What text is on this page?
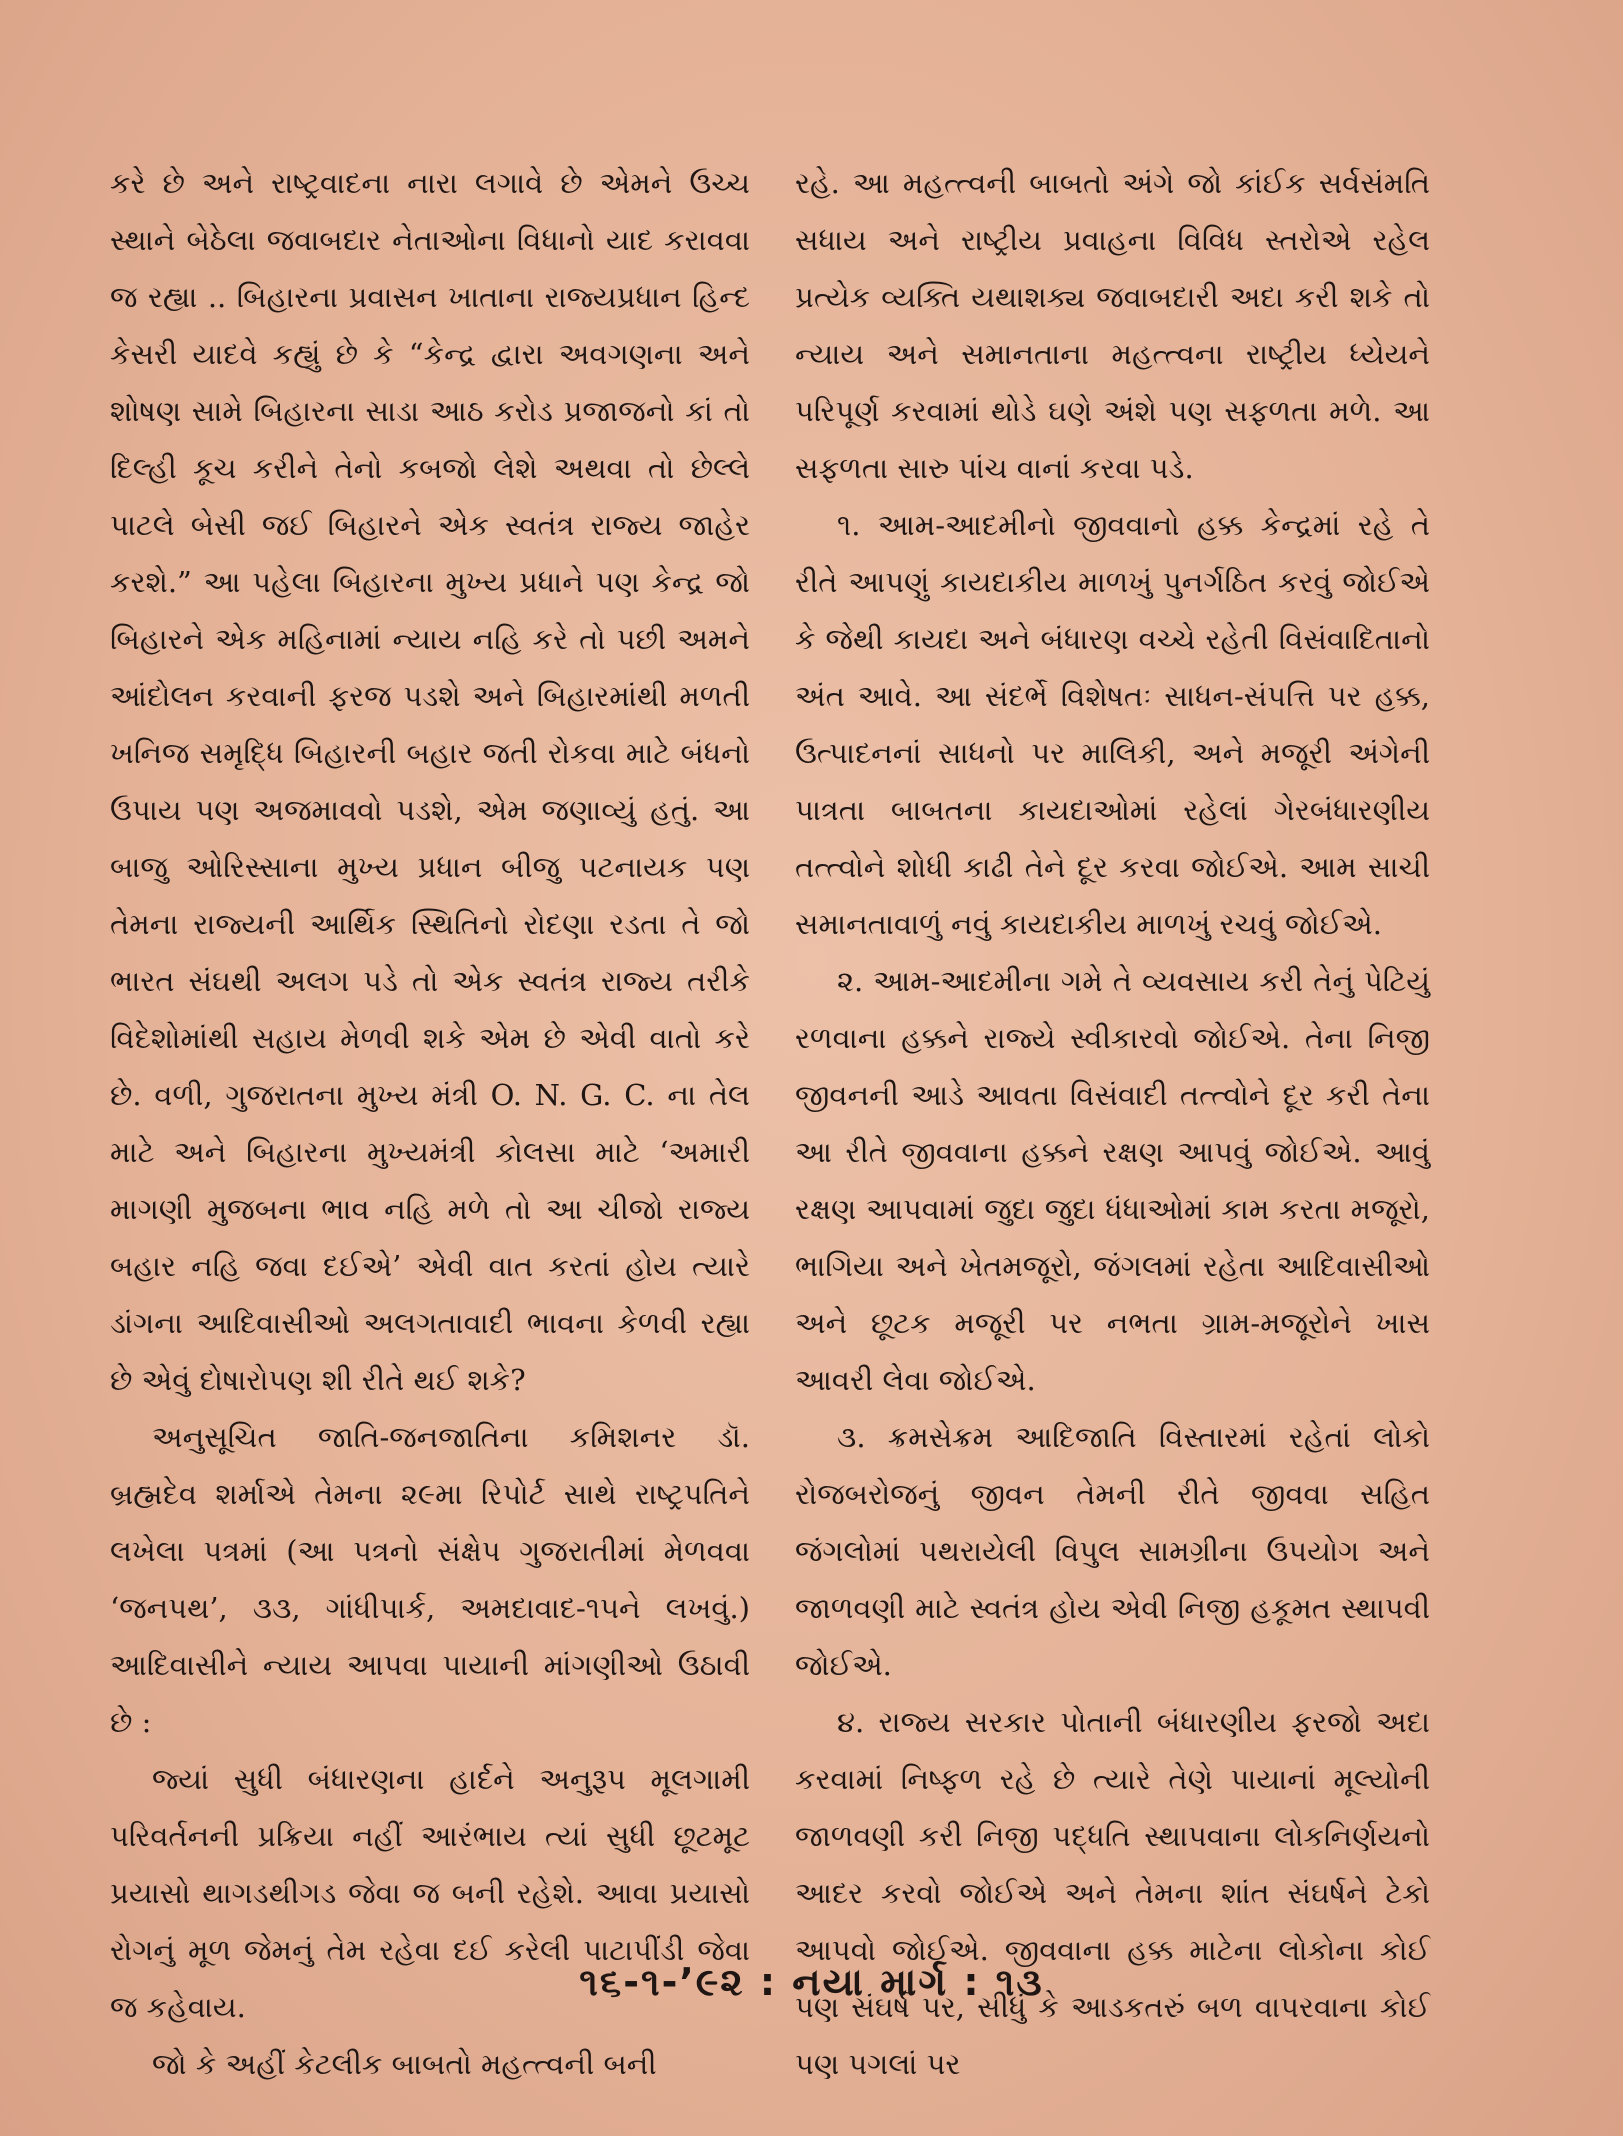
કરે છે અને રાષ્ટ્રવાદના નારા લગાવે છે એમને ઉચ્ચ સ્થાને બેઠેલા જવાબદાર નેતાઓના વિધાનો યાદ કરાવવા જ રહ્યા .. બિહારના પ્રવાસન ખાતાના રાજ્યપ્રધાન હિન્દ કેસરી યાદવે કહ્યું છે કે “કેન્દ્ર દ્વારા અવગણના અને શોષણ સામે બિહારના સાડા આઠ કરોડ પ્રજાજનો કાં તો દિલ્હી કૂચ કરીને તેનો કબજો લેશે અથવા તો છેલ્લે પાટલે બેસી જઈ બિહારને એક સ્વતંત્ર રાજ્ય જાહેર કરશે.” આ પહેલા બિહારના મુખ્ય પ્રધાને પણ કેન્દ્ર જો બિહારને એક મહિનામાં ન્યાય નહિ કરે તો પછી અમને આંદોલન કરવાની ફરજ પડશે અને બિહારમાંથી મળતી ખનિજ સમૃદ્ધિ બિહારની બહાર જતી રોકવા માટે બંધનો ઉપાય પણ અજમાવવો પડશે, એમ જણાવ્યું હતું. આ બાજુ ઓરિસ્સાના મુખ્ય પ્રધાન બીજુ પટનાયક પણ તેમના રાજ્યની આર્થિક સ્થિતિનો રોદણા રડતા તે જો ભારત સંઘથી અલગ પડે તો એક સ્વતંત્ર રાજ્ય તરીકે વિદેશોમાંથી સહાય મેળવી શકે એમ છે એવી વાતો કરે છે. વળી, ગુજરાતના મુખ્ય મંત્રી O. N. G. C. ના તેલ માટે અને બિહારના મુખ્યમંત્રી કોલસા માટે ‘અમારી માગણી મુજબના ભાવ નહિ મળે તો આ ચીજો રાજ્ય બહાર નહિ જવા દઈએ’ એવી વાત કરતાં હોય ત્યારે ડાંગના આદિવાસીઓ અલગતાવાદી ભાવના કેળવી રહ્યા છે એવું દોષારોપણ શી રીતે થઈ શકે?

અનુસૂચિત જાતિ-જનજાતિના કમિશનર ડૉ. બ્રહ્મદેવ શર્માએ તેમના ૨૯મા રિપોર્ટ સાથે રાષ્ટ્રપતિને લખેલા પત્રમાં (આ પત્રનો સંક્ષેપ ગુજરાતીમાં મેળવવા ‘જનપથ’, ૩૩, ગાંધીપાર્ક, અમદાવાદ-૧૫ને લખવું.) આદિવાસીને ન્યાય આપવા પાયાની માંગણીઓ ઉઠાવી છે :

જ્યાં સુધી બંધારણના હાર્દને અનુરૂપ મૂલગામી પરિવર્તનની પ્રક્રિયા નહીં આરંભાય ત્યાં સુધી છૂટમૂટ પ્રયાસો થાગડથીગડ જેવા જ બની રહેશે. આવા પ્રયાસો રોગનું મૂળ જેમનું તેમ રહેવા દઈ કરેલી પાટાપીંડી જેવા જ કહેવાય.

જો કે અહીં કેટલીક બાબતો મહત્ત્વની બની

રહે. આ મહત્ત્વની બાબતો અંગે જો કાંઈક સર્વસંમતિ સધાય અને રાષ્ટ્રીય પ્રવાહના વિવિધ સ્તરોએ રહેલ પ્રત્યેક વ્યક્તિ યથાશક્ય જવાબદારી અદા કરી શકે તો ન્યાય અને સમાનતાના મહત્ત્વના રાષ્ટ્રીય ધ્યેયને પરિપૂર્ણ કરવામાં થોડે ઘણે અંશે પણ સફળતા મળે. આ સફળતા સારુ પાંચ વાનાં કરવા પડે.

૧. આમ-આદમીનો જીવવાનો હક્ક કેન્દ્રમાં રહે તે રીતે આપણું કાયદાકીય માળખું પુનર્ગઠિત કરવું જોઈએ કે જેથી કાયદા અને બંધારણ વચ્ચે રહેતી વિસંવાદિતાનો અંત આવે. આ સંદર્ભે વિશેષતઃ સાધન-સંપત્તિ પર હક્ક, ઉત્પાદનનાં સાધનો પર માલિકી, અને મજૂરી અંગેની પાત્રતા બાબતના કાયદાઓમાં રહેલાં ગેરબંધારણીય તત્ત્વોને શોધી કાઢી તેને દૂર કરવા જોઈએ. આમ સાચી સમાનતાવાળું નવું કાયદાકીય માળખું રચવું જોઈએ.

૨. આમ-આદમીના ગમે તે વ્યવસાય કરી તેનું પેટિયું રળવાના હક્કને રાજ્યે સ્વીકારવો જોઈએ. તેના નિજી જીવનની આડે આવતા વિસંવાદી તત્ત્વોને દૂર કરી તેના આ રીતે જીવવાના હક્કને રક્ષણ આપવું જોઈએ. આવું રક્ષણ આપવામાં જુદા જુદા ધંધાઓમાં કામ કરતા મજૂરો, ભાગિયા અને ખેતમજૂરો, જંગલમાં રહેતા આદિવાસીઓ અને છૂટક મજૂરી પર નભતા ગ્રામ-મજૂરોને ખાસ આવરી લેવા જોઈએ.

૩. ક્રમસેક્રમ આદિજાતિ વિસ્તારમાં રહેતાં લોકો રોજબરોજનું જીવન તેમની રીતે જીવવા સહિત જંગલોમાં પથરાયેલી વિપુલ સામગ્રીના ઉપયોગ અને જાળવણી માટે સ્વતંત્ર હોય એવી નિજી હકૂમત સ્થાપવી જોઈએ.

૪. રાજ્ય સરકાર પોતાની બંધારણીય ફરજો અદા કરવામાં નિષ્ફળ રહે છે ત્યારે તેણે પાયાનાં મૂલ્યોની જાળવણી કરી નિજી પદ્ધતિ સ્થાપવાના લોકનિર્ણયનો આદર કરવો જોઈએ અને તેમના શાંત સંઘર્ષને ટેકો આપવો જોઈએ. જીવવાના હક્ક માટેના લોકોના કોઈ પણ સંઘર્ષ પર, સીધું કે આડકતરું બળ વાપરવાના કોઈ પણ પગલાં પર

૧૬-૧-’૯૨ : નયા માર્ગ : ૧૩
